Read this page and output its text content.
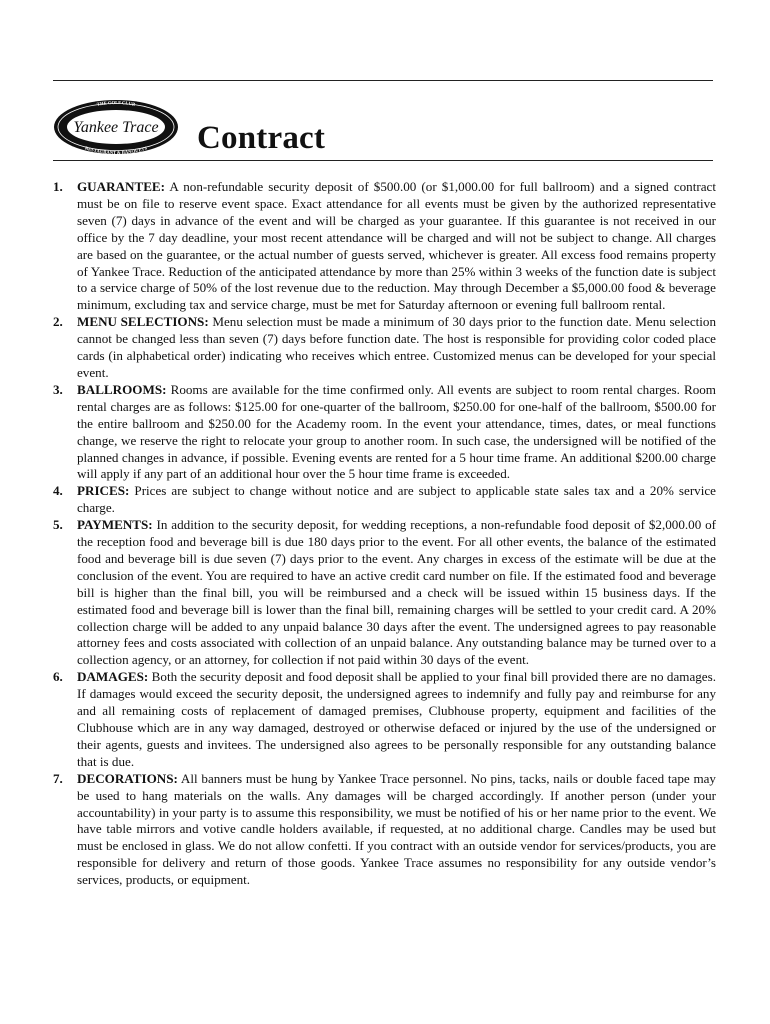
THE GOLF CLUB
RESTAURANT & BANQUETS
Yankee Trace Contract
1. GUARANTEE: A non-refundable security deposit of $500.00 (or $1,000.00 for full ballroom) and a signed contract must be on file to reserve event space. Exact attendance for all events must be given by the authorized representative seven (7) days in advance of the event and will be charged as your guarantee. If this guarantee is not received in our office by the 7 day deadline, your most recent attendance will be charged and will not be subject to change. All charges are based on the guarantee, or the actual number of guests served, whichever is greater. All excess food remains property of Yankee Trace. Reduction of the anticipated attendance by more than 25% within 3 weeks of the function date is subject to a service charge of 50% of the lost revenue due to the reduction. May through December a $5,000.00 food & beverage minimum, excluding tax and service charge, must be met for Saturday afternoon or evening full ballroom rental.
2. MENU SELECTIONS: Menu selection must be made a minimum of 30 days prior to the function date. Menu selection cannot be changed less than seven (7) days before function date. The host is responsible for providing color coded place cards (in alphabetical order) indicating who receives which entree. Customized menus can be developed for your special event.
3. BALLROOMS: Rooms are available for the time confirmed only. All events are subject to room rental charges. Room rental charges are as follows: $125.00 for one-quarter of the ballroom, $250.00 for one-half of the ballroom, $500.00 for the entire ballroom and $250.00 for the Academy room. In the event your attendance, times, dates, or meal functions change, we reserve the right to relocate your group to another room. In such case, the undersigned will be notified of the planned changes in advance, if possible. Evening events are rented for a 5 hour time frame. An additional $200.00 charge will apply if any part of an additional hour over the 5 hour time frame is exceeded.
4. PRICES: Prices are subject to change without notice and are subject to applicable state sales tax and a 20% service charge.
5. PAYMENTS: In addition to the security deposit, for wedding receptions, a non-refundable food deposit of $2,000.00 of the reception food and beverage bill is due 180 days prior to the event. For all other events, the balance of the estimated food and beverage bill is due seven (7) days prior to the event. Any charges in excess of the estimate will be due at the conclusion of the event. You are required to have an active credit card number on file. If the estimated food and beverage bill is higher than the final bill, you will be reimbursed and a check will be issued within 15 business days. If the estimated food and beverage bill is lower than the final bill, remaining charges will be settled to your credit card. A 20% collection charge will be added to any unpaid balance 30 days after the event. The undersigned agrees to pay reasonable attorney fees and costs associated with collection of an unpaid balance. Any outstanding balance may be turned over to a collection agency, or an attorney, for collection if not paid within 30 days of the event.
6. DAMAGES: Both the security deposit and food deposit shall be applied to your final bill provided there are no damages. If damages would exceed the security deposit, the undersigned agrees to indemnify and fully pay and reimburse for any and all remaining costs of replacement of damaged premises, Clubhouse property, equipment and facilities of the Clubhouse which are in any way damaged, destroyed or otherwise defaced or injured by the use of the undersigned or their agents, guests and invitees. The undersigned also agrees to be personally responsible for any outstanding balance that is due.
7. DECORATIONS: All banners must be hung by Yankee Trace personnel. No pins, tacks, nails or double faced tape may be used to hang materials on the walls. Any damages will be charged accordingly. If another person (under your accountability) in your party is to assume this responsibility, we must be notified of his or her name prior to the event. We have table mirrors and votive candle holders available, if requested, at no additional charge. Candles may be used but must be enclosed in glass. We do not allow confetti. If you contract with an outside vendor for services/products, you are responsible for delivery and return of those goods. Yankee Trace assumes no responsibility for any outside vendor’s services, products, or equipment.
